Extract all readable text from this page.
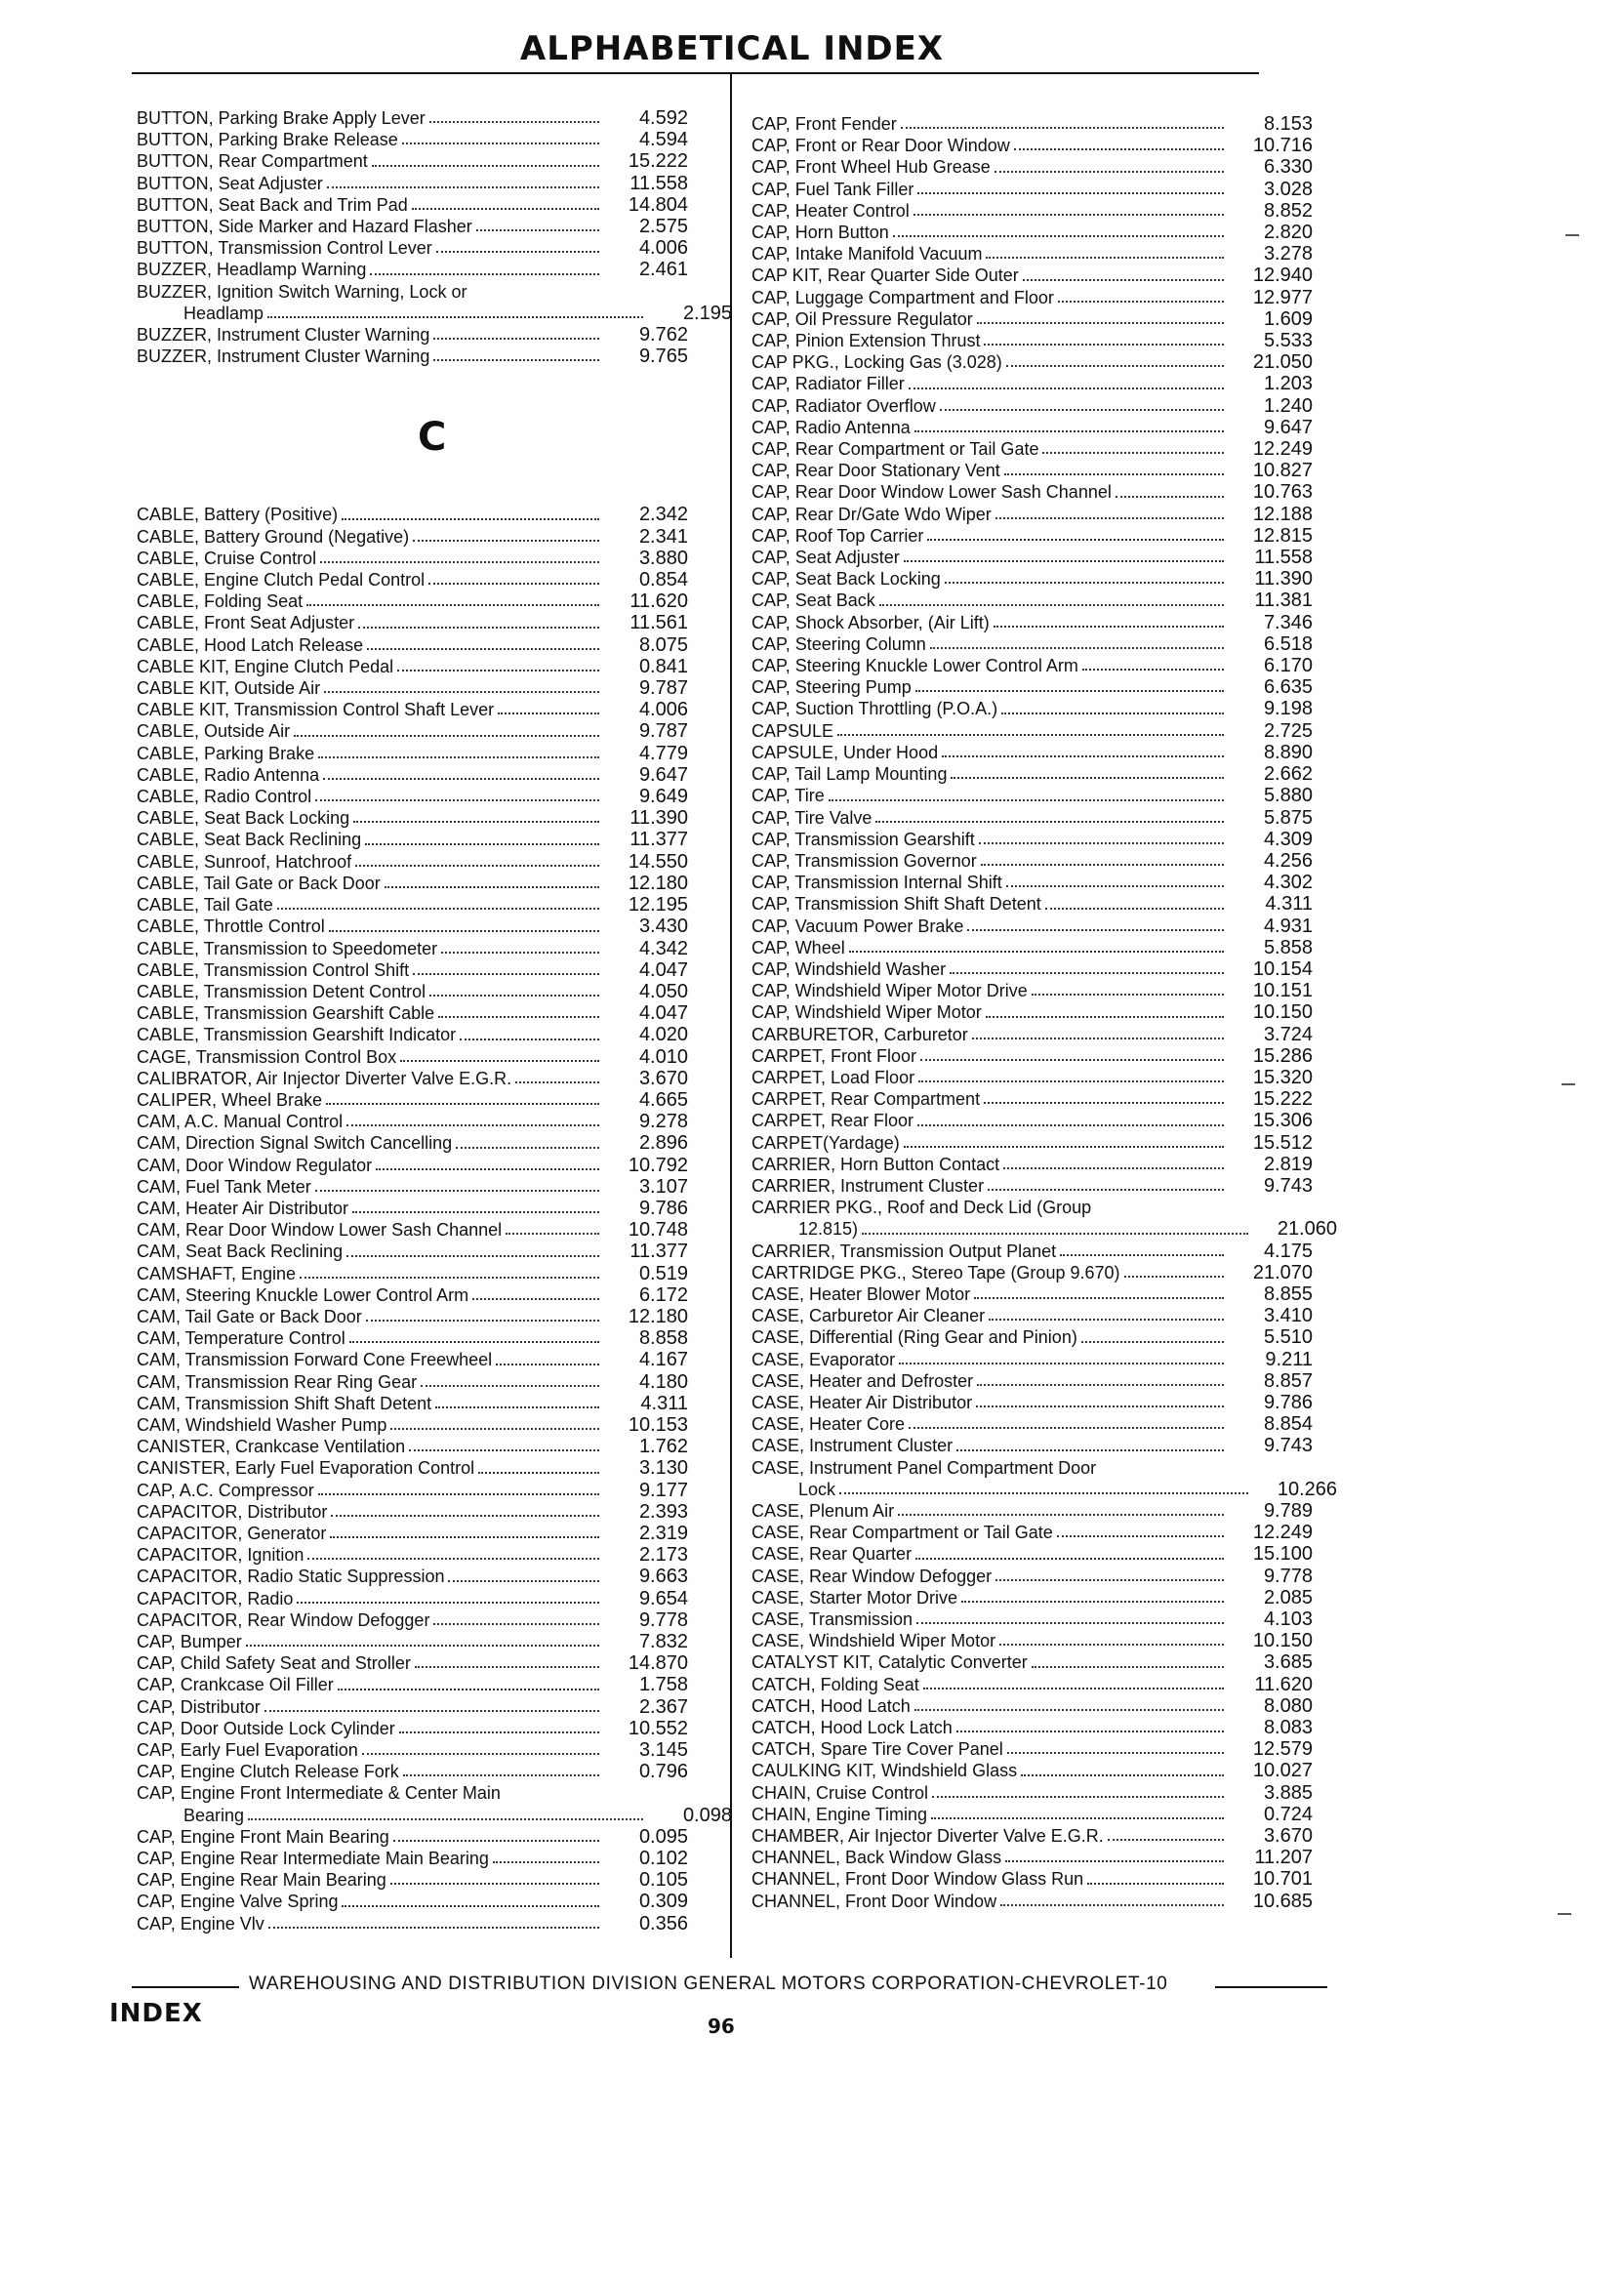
ALPHABETICAL INDEX
BUTTON, Parking Brake Apply Lever	4.592
BUTTON, Parking Brake Release	4.594
BUTTON, Rear Compartment	15.222
BUTTON, Seat Adjuster	11.558
BUTTON, Seat Back and Trim Pad	14.804
BUTTON, Side Marker and Hazard Flasher	2.575
BUTTON, Transmission Control Lever	4.006
BUZZER, Headlamp Warning	2.461
BUZZER, Ignition Switch Warning, Lock or
Headlamp	2.195
BUZZER, Instrument Cluster Warning	9.762
BUZZER, Instrument Cluster Warning	9.765
C
CABLE, Battery (Positive)	2.342
CABLE, Battery Ground (Negative)	2.341
CABLE, Cruise Control	3.880
CABLE, Engine Clutch Pedal Control	0.854
CABLE, Folding Seat	11.620
CABLE, Front Seat Adjuster	11.561
CABLE, Hood Latch Release	8.075
CABLE KIT, Engine Clutch Pedal	0.841
CABLE KIT, Outside Air	9.787
CABLE KIT, Transmission Control Shaft Lever	4.006
CABLE, Outside Air	9.787
CABLE, Parking Brake	4.779
CABLE, Radio Antenna	9.647
CABLE, Radio Control	9.649
CABLE, Seat Back Locking	11.390
CABLE, Seat Back Reclining	11.377
CABLE, Sunroof, Hatchroof	14.550
CABLE, Tail Gate or Back Door	12.180
CABLE, Tail Gate	12.195
CABLE, Throttle Control	3.430
CABLE, Transmission to Speedometer	4.342
CABLE, Transmission Control Shift	4.047
CABLE, Transmission Detent Control	4.050
CABLE, Transmission Gearshift Cable	4.047
CABLE, Transmission Gearshift Indicator	4.020
CAGE, Transmission Control Box	4.010
CALIBRATOR, Air Injector Diverter Valve E.G.R.	3.670
CALIPER, Wheel Brake	4.665
CAM, A.C. Manual Control	9.278
CAM, Direction Signal Switch Cancelling	2.896
CAM, Door Window Regulator	10.792
CAM, Fuel Tank Meter	3.107
CAM, Heater Air Distributor	9.786
CAM, Rear Door Window Lower Sash Channel	10.748
CAM, Seat Back Reclining	11.377
CAMSHAFT, Engine	0.519
CAM, Steering Knuckle Lower Control Arm	6.172
CAM, Tail Gate or Back Door	12.180
CAM, Temperature Control	8.858
CAM, Transmission Forward Cone Freewheel	4.167
CAM, Transmission Rear Ring Gear	4.180
CAM, Transmission Shift Shaft Detent	4.311
CAM, Windshield Washer Pump	10.153
CANISTER, Crankcase Ventilation	1.762
CANISTER, Early Fuel Evaporation Control	3.130
CAP, A.C. Compressor	9.177
CAPACITOR, Distributor	2.393
CAPACITOR, Generator	2.319
CAPACITOR, Ignition	2.173
CAPACITOR, Radio Static Suppression	9.663
CAPACITOR, Radio	9.654
CAPACITOR, Rear Window Defogger	9.778
CAP, Bumper	7.832
CAP, Child Safety Seat and Stroller	14.870
CAP, Crankcase Oil Filler	1.758
CAP, Distributor	2.367
CAP, Door Outside Lock Cylinder	10.552
CAP, Early Fuel Evaporation	3.145
CAP, Engine Clutch Release Fork	0.796
CAP, Engine Front Intermediate & Center Main
Bearing	0.098
CAP, Engine Front Main Bearing	0.095
CAP, Engine Rear Intermediate Main Bearing	0.102
CAP, Engine Rear Main Bearing	0.105
CAP, Engine Valve Spring	0.309
CAP, Engine Vlv	0.356
CAP, Front Fender	8.153
CAP, Front or Rear Door Window	10.716
CAP, Front Wheel Hub Grease	6.330
CAP, Fuel Tank Filler	3.028
CAP, Heater Control	8.852
CAP, Horn Button	2.820
CAP, Intake Manifold Vacuum	3.278
CAP KIT, Rear Quarter Side Outer	12.940
CAP, Luggage Compartment and Floor	12.977
CAP, Oil Pressure Regulator	1.609
CAP, Pinion Extension Thrust	5.533
CAP PKG., Locking Gas (3.028)	21.050
CAP, Radiator Filler	1.203
CAP, Radiator Overflow	1.240
CAP, Radio Antenna	9.647
CAP, Rear Compartment or Tail Gate	12.249
CAP, Rear Door Stationary Vent	10.827
CAP, Rear Door Window Lower Sash Channel	10.763
CAP, Rear Dr/Gate Wdo Wiper	12.188
CAP, Roof Top Carrier	12.815
CAP, Seat Adjuster	11.558
CAP, Seat Back Locking	11.390
CAP, Seat Back	11.381
CAP, Shock Absorber, (Air Lift)	7.346
CAP, Steering Column	6.518
CAP, Steering Knuckle Lower Control Arm	6.170
CAP, Steering Pump	6.635
CAP, Suction Throttling (P.O.A.)	9.198
CAPSULE	2.725
CAPSULE, Under Hood	8.890
CAP, Tail Lamp Mounting	2.662
CAP, Tire	5.880
CAP, Tire Valve	5.875
CAP, Transmission Gearshift	4.309
CAP, Transmission Governor	4.256
CAP, Transmission Internal Shift	4.302
CAP, Transmission Shift Shaft Detent	4.311
CAP, Vacuum Power Brake	4.931
CAP, Wheel	5.858
CAP, Windshield Washer	10.154
CAP, Windshield Wiper Motor Drive	10.151
CAP, Windshield Wiper Motor	10.150
CARBURETOR, Carburetor	3.724
CARPET, Front Floor	15.286
CARPET, Load Floor	15.320
CARPET, Rear Compartment	15.222
CARPET, Rear Floor	15.306
CARPET(Yardage)	15.512
CARRIER, Horn Button Contact	2.819
CARRIER, Instrument Cluster	9.743
CARRIER PKG., Roof and Deck Lid (Group
12.815)	21.060
CARRIER, Transmission Output Planet	4.175
CARTRIDGE PKG., Stereo Tape (Group 9.670)	21.070
CASE, Heater Blower Motor	8.855
CASE, Carburetor Air Cleaner	3.410
CASE, Differential (Ring Gear and Pinion)	5.510
CASE, Evaporator	9.211
CASE, Heater and Defroster	8.857
CASE, Heater Air Distributor	9.786
CASE, Heater Core	8.854
CASE, Instrument Cluster	9.743
CASE, Instrument Panel Compartment Door
Lock	10.266
CASE, Plenum Air	9.789
CASE, Rear Compartment or Tail Gate	12.249
CASE, Rear Quarter	15.100
CASE, Rear Window Defogger	9.778
CASE, Starter Motor Drive	2.085
CASE, Transmission	4.103
CASE, Windshield Wiper Motor	10.150
CATALYST KIT, Catalytic Converter	3.685
CATCH, Folding Seat	11.620
CATCH, Hood Latch	8.080
CATCH, Hood Lock Latch	8.083
CATCH, Spare Tire Cover Panel	12.579
CAULKING KIT, Windshield Glass	10.027
CHAIN, Cruise Control	3.885
CHAIN, Engine Timing	0.724
CHAMBER, Air Injector Diverter Valve E.G.R.	3.670
CHANNEL, Back Window Glass	11.207
CHANNEL, Front Door Window Glass Run	10.701
CHANNEL, Front Door Window	10.685
WAREHOUSING AND DISTRIBUTION DIVISION GENERAL MOTORS CORPORATION-CHEVROLET-10
INDEX	96
